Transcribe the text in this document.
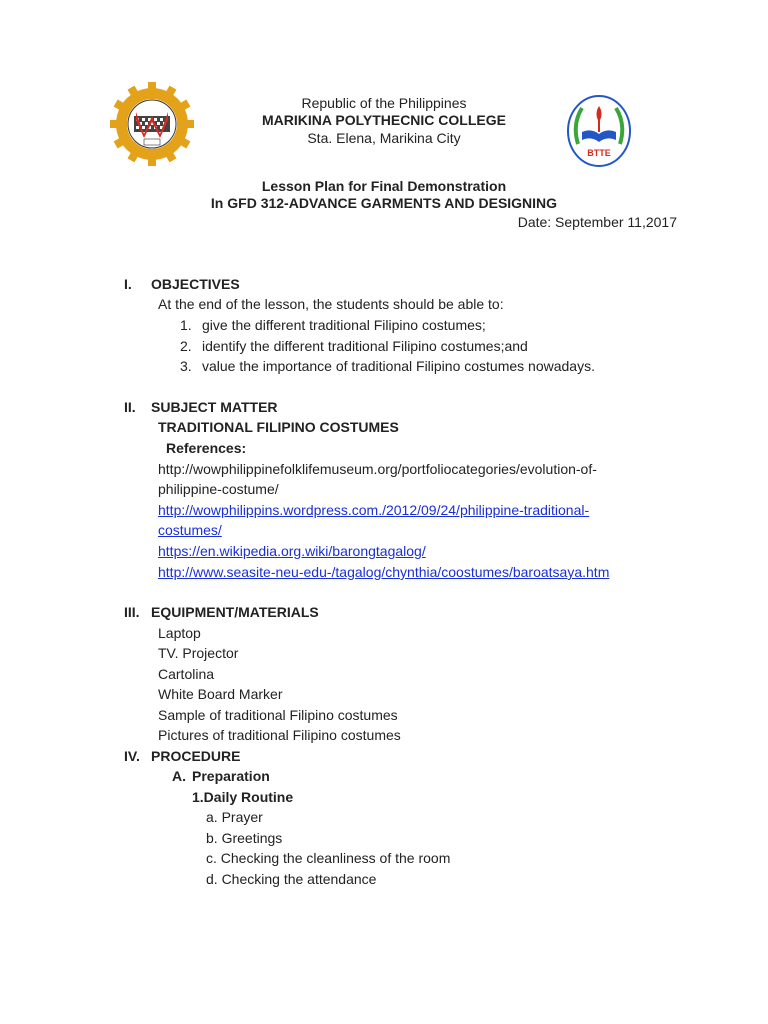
BTTE
Republic of the Philippines
MARIKINA POLYTHECNIC COLLEGE
Sta. Elena, Marikina City
Lesson Plan for Final Demonstration
In GFD 312-ADVANCE GARMENTS AND DESIGNING
Date: September 11,2017
I. OBJECTIVES
At the end of the lesson, the students should be able to:
1. give the different traditional Filipino costumes;
2. identify the different traditional Filipino costumes;and
3. value the importance of traditional Filipino costumes nowadays.
II. SUBJECT MATTER
TRADITIONAL FILIPINO COSTUMES
References:
http://wowphilippinefolklifemuseum.org/portfoliocategories/evolution-of-
philippine-costume/
http://wowphilippins.wordpress.com./2012/09/24/philippine-traditional-
costumes/
https://en.wikipedia.org.wiki/barongtagalog/
http://www.seasite-neu-edu-/tagalog/chynthia/coostumes/baroatsaya.htm
III. EQUIPMENT/MATERIALS
Laptop
TV. Projector
Cartolina
White Board Marker
Sample of traditional Filipino costumes
Pictures of traditional Filipino costumes
IV. PROCEDURE
A. Preparation
1.Daily Routine
a. Prayer
b. Greetings
c. Checking the cleanliness of the room
d. Checking the attendance
